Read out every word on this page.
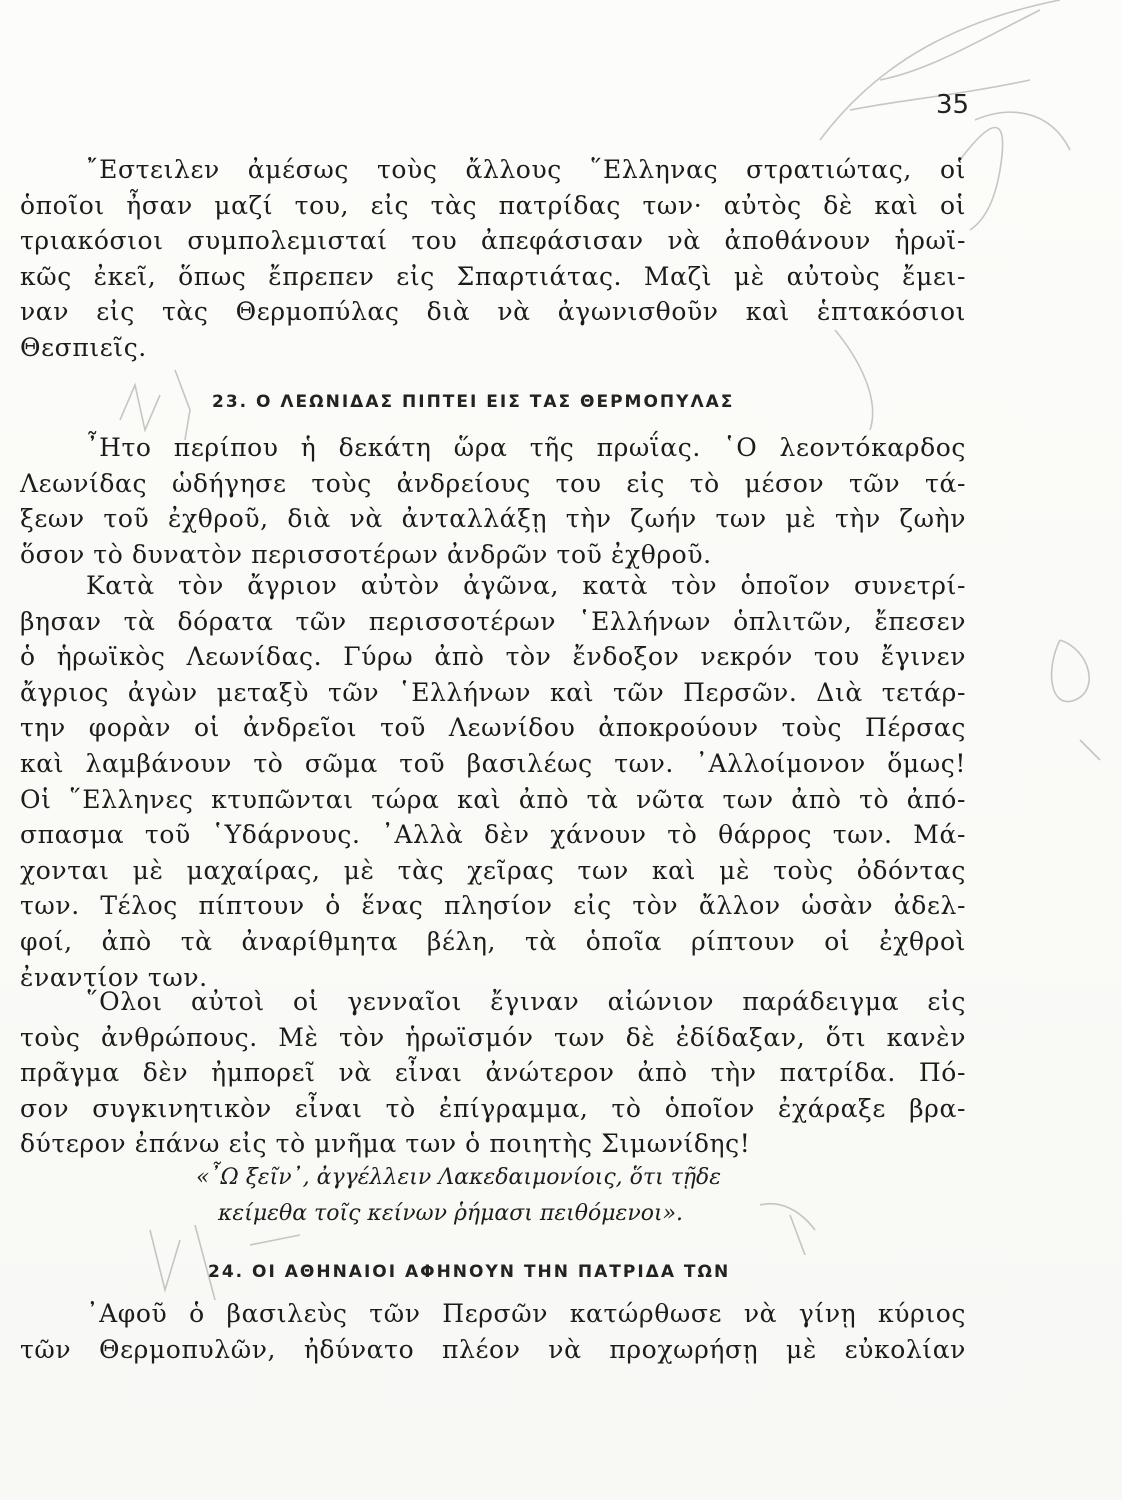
35

῎Εστειλεν ἀμέσως τοὺς ἄλλους ῞Ελληνας στρατιώτας, οἱ
ὁποῖοι ἦσαν μαζί του, εἰς τὰς πατρίδας των· αὐτὸς δὲ καὶ οἱ
τριακόσιοι συμπολεμισταί του ἀπεφάσισαν νὰ ἀποθάνουν ἡρωϊ-
κῶς ἐκεῖ, ὅπως ἔπρεπεν εἰς Σπαρτιάτας. Μαζὶ μὲ αὐτοὺς ἔμει-
ναν εἰς τὰς Θερμοπύλας διὰ νὰ ἀγωνισθοῦν καὶ ἑπτακόσιοι
Θεσπιεῖς.

23. Ο ΛΕΩΝΙΔΑΣ ΠΙΠΤΕΙ ΕΙΣ ΤΑΣ ΘΕΡΜΟΠΥΛΑΣ

῏Ητο περίπου ἡ δεκάτη ὥρα τῆς πρωΐας. ῾Ο λεοντόκαρδος
Λεωνίδας ὡδήγησε τοὺς ἀνδρείους του εἰς τὸ μέσον τῶν τά-
ξεων τοῦ ἐχθροῦ, διὰ νὰ ἀνταλλάξῃ τὴν ζωήν των μὲ τὴν ζωὴν
ὅσον τὸ δυνατὸν περισσοτέρων ἀνδρῶν τοῦ ἐχθροῦ.
Κατὰ τὸν ἄγριον αὐτὸν ἀγῶνα, κατὰ τὸν ὁποῖον συνετρί-
βησαν τὰ δόρατα τῶν περισσοτέρων ῾Ελλήνων ὁπλιτῶν, ἔπεσεν
ὁ ἡρωϊκὸς Λεωνίδας. Γύρω ἀπὸ τὸν ἔνδοξον νεκρόν του ἔγινεν
ἄγριος ἀγὼν μεταξὺ τῶν ῾Ελλήνων καὶ τῶν Περσῶν. Διὰ τετάρ-
την φορὰν οἱ ἀνδρεῖοι τοῦ Λεωνίδου ἀποκρούουν τοὺς Πέρσας
καὶ λαμβάνουν τὸ σῶμα τοῦ βασιλέως των. ᾿Αλλοίμονον ὅμως!
Οἱ ῞Ελληνες κτυπῶνται τώρα καὶ ἀπὸ τὰ νῶτα των ἀπὸ τὸ ἀπό-
σπασμα τοῦ ῾Υδάρνους. ᾿Αλλὰ δὲν χάνουν τὸ θάρρος των. Μά-
χονται μὲ μαχαίρας, μὲ τὰς χεῖρας των καὶ μὲ τοὺς ὀδόντας
των. Τέλος πίπτουν ὁ ἕνας πλησίον εἰς τὸν ἄλλον ὡσὰν ἀδελ-
φοί, ἀπὸ τὰ ἀναρίθμητα βέλη, τὰ ὁποῖα ρίπτουν οἱ ἐχθροὶ
ἐναντίον των.
῞Ολοι αὐτοὶ οἱ γενναῖοι ἔγιναν αἰώνιον παράδειγμα εἰς
τοὺς ἀνθρώπους. Μὲ τὸν ἡρωϊσμόν των δὲ ἐδίδαξαν, ὅτι κανὲν
πρᾶγμα δὲν ἠμπορεῖ νὰ εἶναι ἀνώτερον ἀπὸ τὴν πατρίδα. Πό-
σον συγκινητικὸν εἶναι τὸ ἐπίγραμμα, τὸ ὁποῖον ἐχάραξε βρα-
δύτερον ἐπάνω εἰς τὸ μνῆμα των ὁ ποιητὴς Σιμωνίδης!
«῏Ω ξεῖν᾿, ἀγγέλλειν Λακεδαιμονίοις, ὅτι τῇδε
κείμεθα τοῖς κείνων ῥήμασι πειθόμενοι».

24. ΟΙ ΑΘΗΝΑΙΟΙ ΑΦΗΝΟΥΝ ΤΗΝ ΠΑΤΡΙΔΑ ΤΩΝ

᾿Αφοῦ ὁ βασιλεὺς τῶν Περσῶν κατώρθωσε νὰ γίνῃ κύριος
τῶν Θερμοπυλῶν, ἠδύνατο πλέον νὰ προχωρήσῃ μὲ εὐκολίαν
